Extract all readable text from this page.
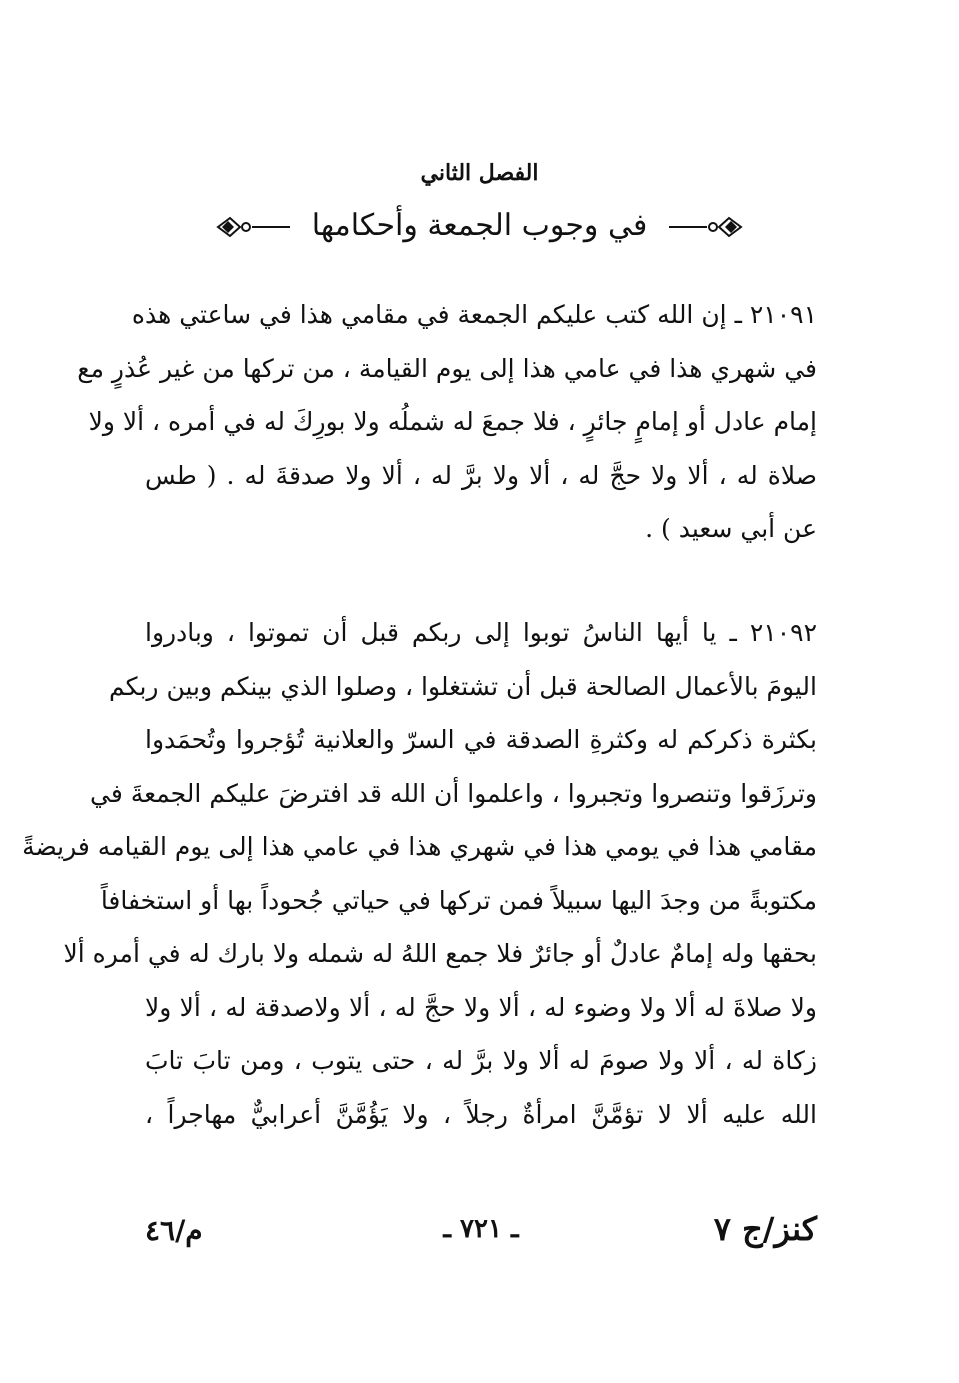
الفصل الثاني
في وجوب الجمعة وأحكامها
٢١٠٩١ ـ إن الله كتب عليكم الجمعة في مقامي هذا في ساعتي هذه
في شهري هذا في عامي هذا إلى يوم القيامة ، من تركها من غير عُذرٍ مع
إمام عادل أو إمامٍ جائرٍ ، فلا جمعَ له شملُه ولا بورِكَ له في أمره ، ألا ولا
صلاة له ، ألا ولا حجَّ له ، ألا ولا برَّ له ، ألا ولا صدقةَ له . ( طس
عن أبي سعيد ) .
٢١٠٩٢ ـ يا أيها الناسُ توبوا إلى ربكم قبل أن تموتوا ، وبادروا
اليومَ بالأعمال الصالحة قبل أن تشتغلوا ، وصلوا الذي بينكم وبين ربكم
بكثرة ذكركم له وكثرةِ الصدقة في السرّ والعلانية تُؤجروا وتُحمَدوا
وترزَقوا وتنصروا وتجبروا ، واعلموا أن الله قد افترضَ عليكم الجمعةَ في
مقامي هذا في يومي هذا في شهري هذا في عامي هذا إلى يوم القيامه فريضةً
مكتوبةً من وجدَ اليها سبيلاً فمن تركها في حياتي جُحوداً بها أو استخفافاً
بحقها وله إمامٌ عادلٌ أو جائرٌ فلا جمع اللهُ له شمله ولا بارك له في أمره ألا
ولا صلاةَ له ألا ولا وضوء له ، ألا ولا حجَّ له ، ألا ولاصدقة له ، ألا ولا
زكاة له ، ألا ولا صومَ له ألا ولا برَّ له ، حتى يتوب ، ومن تابَ تابَ
الله عليه ألا لا تؤمَّنَّ امرأةٌ رجلاً ، ولا يَؤُمَّنَّ أعرابيٌّ مهاجراً ،
كنز/ج ٧
ـ ٧٢١ ـ
م/٤٦
